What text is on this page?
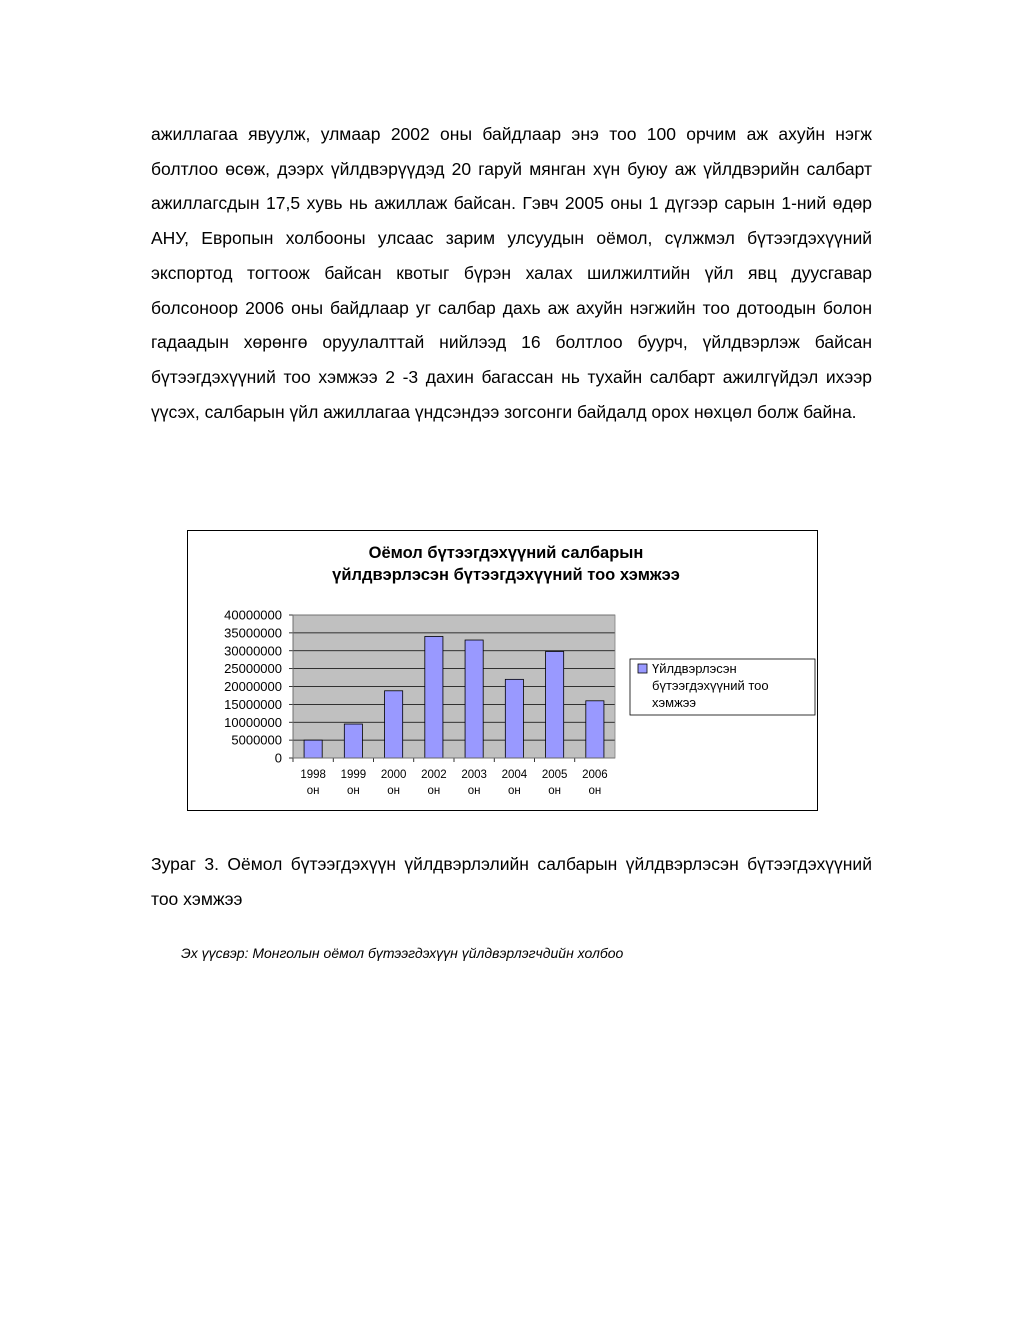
ажиллагаа явуулж, улмаар 2002 оны байдлаар энэ тоо 100 орчим аж ахуйн нэгж болтлоо өсөж, дээрх үйлдвэрүүдэд 20 гаруй мянган хүн буюу аж үйлдвэрийн салбарт ажиллагсдын 17,5 хувь нь ажиллаж байсан. Гэвч 2005 оны 1 дүгээр сарын 1-ний өдөр АНУ, Европын холбооны улсаас зарим улсуудын оёмол, сүлжмэл бүтээгдэхүүний экспортод тогтоож байсан квотыг бүрэн халах шилжилтийн үйл явц дуусгавар болсоноор 2006 оны байдлаар уг салбар дахь аж ахуйн нэгжийн тоо дотоодын болон гадаадын хөрөнгө оруулалттай нийлээд 16 болтлоо буурч, үйлдвэрлэж байсан бүтээгдэхүүний тоо хэмжээ 2 -3 дахин багассан нь тухайн салбарт ажилгүйдэл ихээр үүсэх, салбарын үйл ажиллагаа үндсэндээ зогсонги байдалд орох нөхцөл болж байна.

Оёмол бүтээгдэхүүний салбарын
үйлдвэрлэсэн бүтээгдэхүүний тоо хэмжээ
40000000
35000000
30000000
25000000
20000000
15000000
10000000
5000000
0
1998
он
1999
он
2000
он
2002
он
2003
он
2004
он
2005
он
2006
он
Үйлдвэрлэсэн
бүтээгдэхүүний тоо
хэмжээ

Зураг 3. Оёмол бүтээгдэхүүн үйлдвэрлэлийн салбарын үйлдвэрлэсэн бүтээгдэхүүний тоо хэмжээ

Эх үүсвэр: Монголын оёмол бүтээгдэхүүн үйлдвэрлэгчдийн холбоо
